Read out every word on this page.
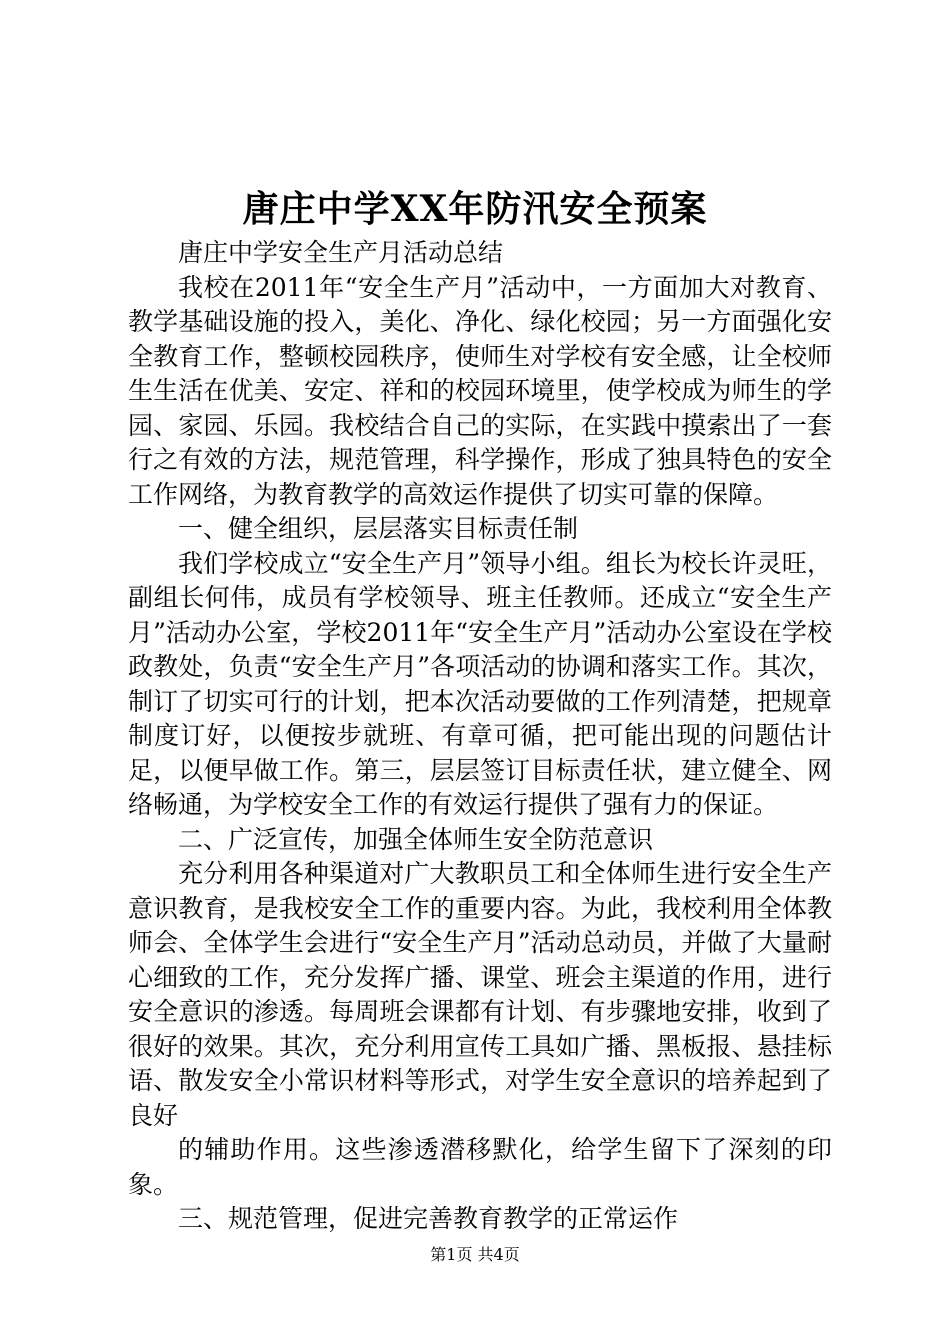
唐庄中学XX年防汛安全预案

唐庄中学安全生产月活动总结

我校在2011年“安全生产月”活动中，一方面加大对教育、教学基础设施的投入，美化、净化、绿化校园；另一方面强化安全教育工作，整顿校园秩序，使师生对学校有安全感，让全校师生生活在优美、安定、祥和的校园环境里，使学校成为师生的学园、家园、乐园。我校结合自己的实际，在实践中摸索出了一套行之有效的方法，规范管理，科学操作，形成了独具特色的安全工作网络，为教育教学的高效运作提供了切实可靠的保障。

一、健全组织，层层落实目标责任制

我们学校成立“安全生产月”领导小组。组长为校长许灵旺，副组长何伟，成员有学校领导、班主任教师。还成立“安全生产月”活动办公室，学校2011年“安全生产月”活动办公室设在学校政教处，负责“安全生产月”各项活动的协调和落实工作。其次，制订了切实可行的计划，把本次活动要做的工作列清楚，把规章制度订好，以便按步就班、有章可循，把可能出现的问题估计足，以便早做工作。第三，层层签订目标责任状，建立健全、网络畅通，为学校安全工作的有效运行提供了强有力的保证。

二、广泛宣传，加强全体师生安全防范意识

充分利用各种渠道对广大教职员工和全体师生进行安全生产意识教育，是我校安全工作的重要内容。为此，我校利用全体教师会、全体学生会进行“安全生产月”活动总动员，并做了大量耐心细致的工作，充分发挥广播、课堂、班会主渠道的作用，进行安全意识的渗透。每周班会课都有计划、有步骤地安排，收到了很好的效果。其次，充分利用宣传工具如广播、黑板报、悬挂标语、散发安全小常识材料等形式，对学生安全意识的培养起到了良好

的辅助作用。这些渗透潜移默化，给学生留下了深刻的印象。

三、规范管理，促进完善教育教学的正常运作

第1页 共4页
